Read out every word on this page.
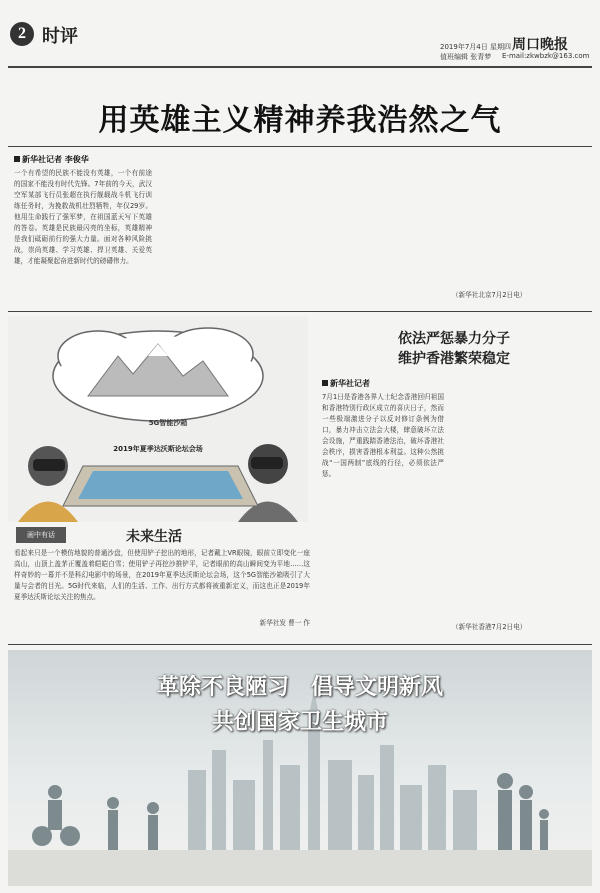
2 时评	周口晚报
2019年7月4日 星期四
值班编辑 张青梦 E-mail:zkwbzk@163.com
用英雄主义精神养我浩然之气
新华社记者 李俊华
一个有希望的民族不能没有英雄，一个有前途的国家不能没有时代先锋。7年前的今天，武汉空军某部飞行员张超在执行舰载战斗机飞行训练任务时，为挽救战机壮烈牺牲，年仅29岁。他用生命践行了强军梦，在祖国蓝天写下英雄的答卷。英雄是民族最闪亮的坐标，英雄精神是我们砥砺前行的强大力量。面对各种风险挑战，崇尚英雄、学习英雄、捍卫英雄、关爱英雄，才能凝聚起奋进新时代的磅礴伟力。
（新华社北京7月2日电）
5G智能沙箱
2019年夏季达沃斯论坛会场
画中有话	未来生活
看起来只是一个模仿地貌的普通沙盘，但使用铲子挖出的地形，记者戴上VR眼镜，眼前立即变化一座高山，山顶上盖茅正覆盖着皑皑白雪；使用铲子再挖沙推铲平，记者眼前的高山瞬间变为平地……这样奇妙的一幕并不是科幻电影中的场景，在2019年夏季达沃斯论坛会场，这个5G智能沙箱吸引了大量与会者的目光。5G时代来临，人们的生活、工作、出行方式都将被重新定义，而这也正是2019年夏季达沃斯论坛关注的焦点。
新华社发 曹一 作
依法严惩暴力分子
维护香港繁荣稳定
新华社记者
7月1日是香港各界人士纪念香港回归祖国和香港特别行政区成立的喜庆日子，然而一些极端激进分子以反对修订条例为借口，暴力冲击立法会大楼，肆意破坏立法会设施，严重践踏香港法治，破坏香港社会秩序，损害香港根本利益。这种公然挑战“一国两制”底线的行径，必须依法严惩。
（新华社香港7月2日电）
革除不良陋习　倡导文明新风
共创国家卫生城市
